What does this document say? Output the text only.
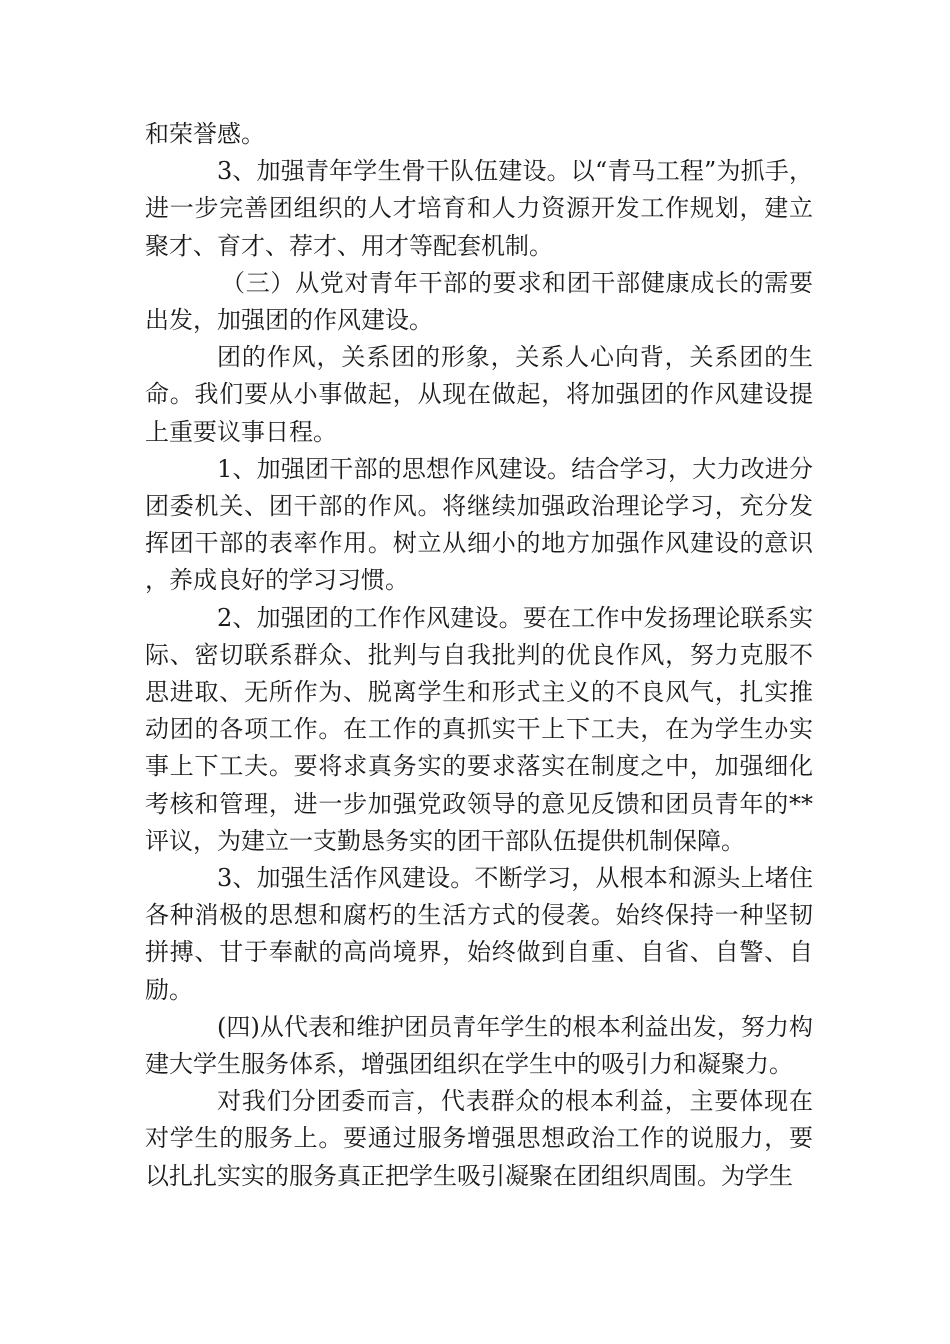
和荣誉感。

3、加强青年学生骨干队伍建设。以“青马工程”为抓手，进一步完善团组织的人才培育和人力资源开发工作规划，建立聚才、育才、荐才、用才等配套机制。

（三）从党对青年干部的要求和团干部健康成长的需要出发，加强团的作风建设。

团的作风，关系团的形象，关系人心向背，关系团的生命。我们要从小事做起，从现在做起，将加强团的作风建设提上重要议事日程。

1、加强团干部的思想作风建设。结合学习，大力改进分团委机关、团干部的作风。将继续加强政治理论学习，充分发挥团干部的表率作用。树立从细小的地方加强作风建设的意识，养成良好的学习习惯。

2、加强团的工作作风建设。要在工作中发扬理论联系实际、密切联系群众、批判与自我批判的优良作风，努力克服不思进取、无所作为、脱离学生和形式主义的不良风气，扎实推动团的各项工作。在工作的真抓实干上下工夫，在为学生办实事上下工夫。要将求真务实的要求落实在制度之中，加强细化考核和管理，进一步加强党政领导的意见反馈和团员青年的**评议，为建立一支勤恳务实的团干部队伍提供机制保障。

3、加强生活作风建设。不断学习，从根本和源头上堵住各种消极的思想和腐朽的生活方式的侵袭。始终保持一种坚韧拼搏、甘于奉献的高尚境界，始终做到自重、自省、自警、自励。

(四)从代表和维护团员青年学生的根本利益出发，努力构建大学生服务体系，增强团组织在学生中的吸引力和凝聚力。

对我们分团委而言，代表群众的根本利益，主要体现在对学生的服务上。要通过服务增强思想政治工作的说服力，要以扎扎实实的服务真正把学生吸引凝聚在团组织周围。为学生
